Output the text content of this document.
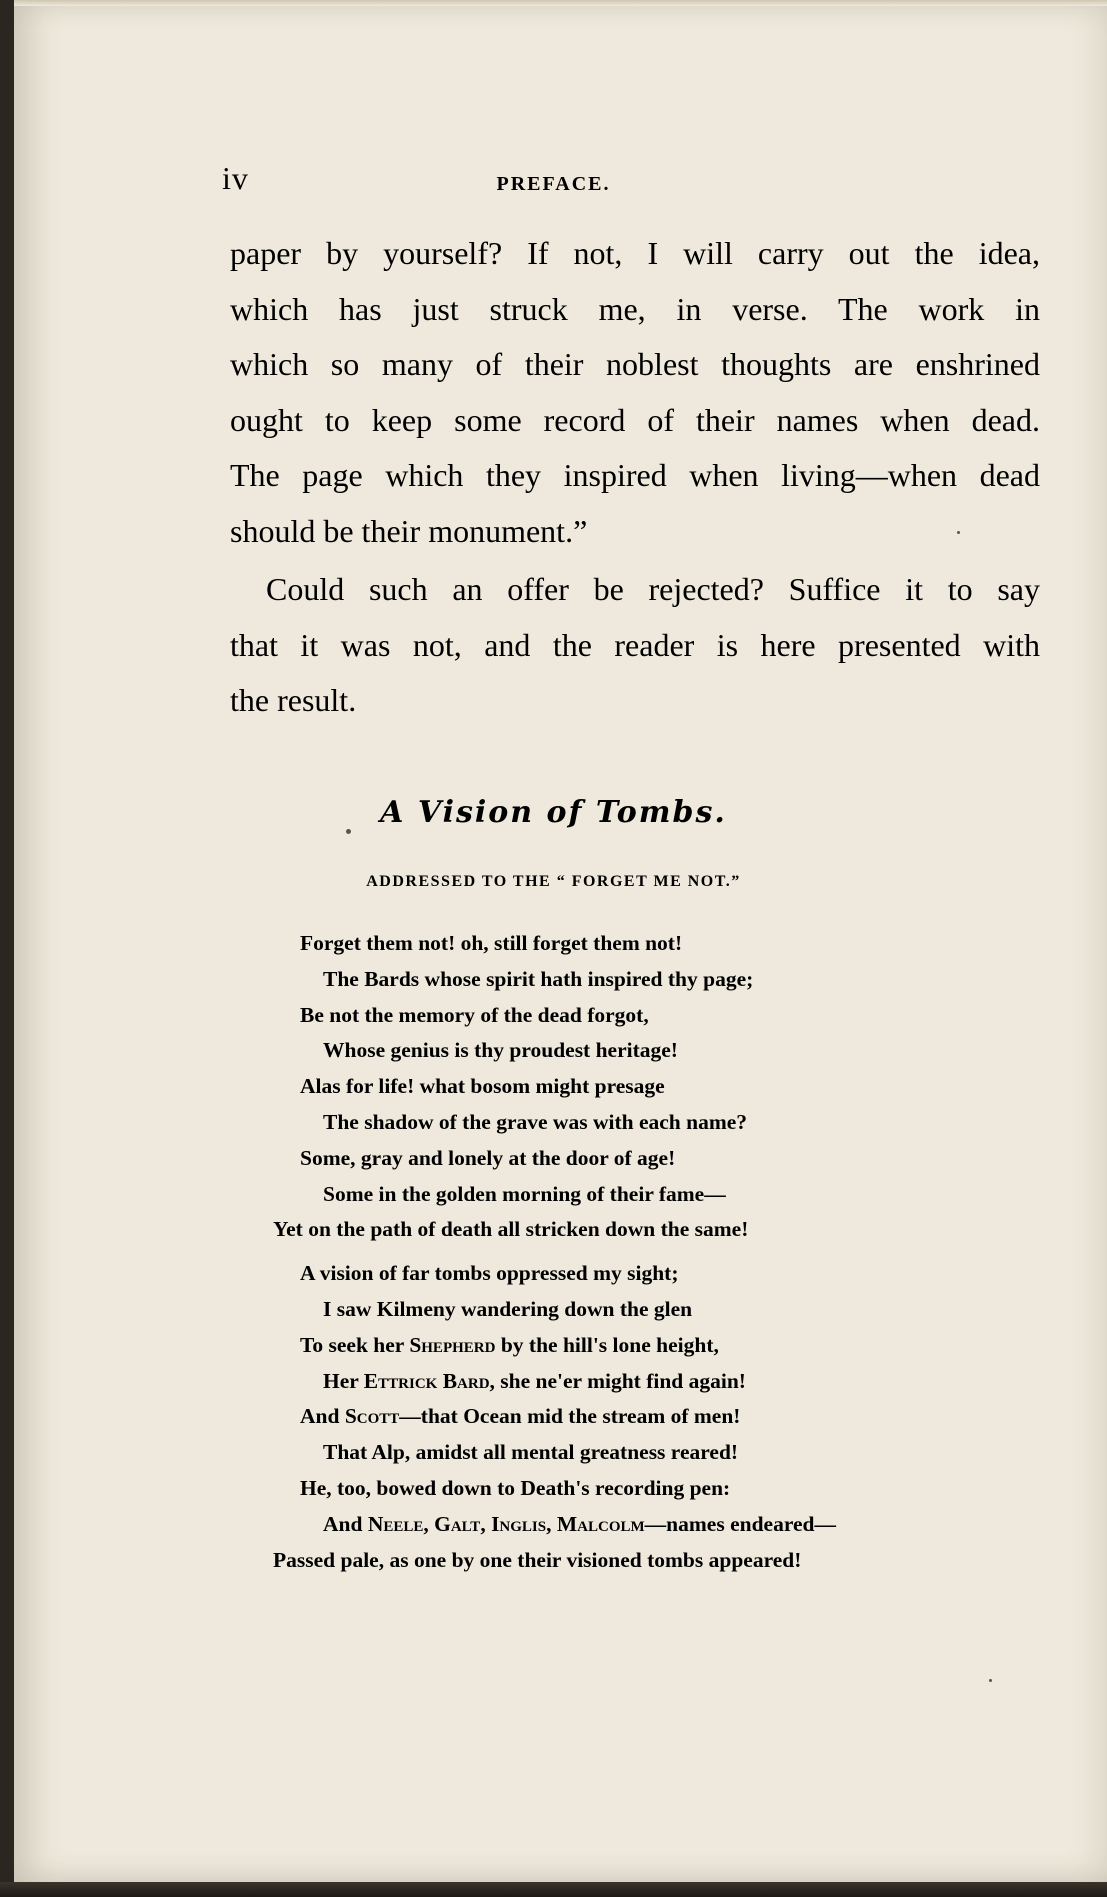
iv	PREFACE.

paper by yourself? If not, I will carry out the idea,
which has just struck me, in verse. The work in
which so many of their noblest thoughts are enshrined
ought to keep some record of their names when dead.
The page which they inspired when living—when dead
should be their monument.”

Could such an offer be rejected? Suffice it to say
that it was not, and the reader is here presented with
the result.

A Vision of Tombs.
ADDRESSED TO THE “ FORGET ME NOT.”
Forget them not! oh, still forget them not!
The Bards whose spirit hath inspired thy page;
Be not the memory of the dead forgot,
Whose genius is thy proudest heritage!
Alas for life! what bosom might presage
The shadow of the grave was with each name?
Some, gray and lonely at the door of age!
Some in the golden morning of their fame—
Yet on the path of death all stricken down the same!
A vision of far tombs oppressed my sight;
I saw Kilmeny wandering down the glen
To seek her Shepherd by the hill's lone height,
Her Ettrick Bard, she ne'er might find again!
And Scott—that Ocean mid the stream of men!
That Alp, amidst all mental greatness reared!
He, too, bowed down to Death's recording pen:
And Neele, Galt, Inglis, Malcolm—names endeared—
Passed pale, as one by one their visioned tombs appeared!
